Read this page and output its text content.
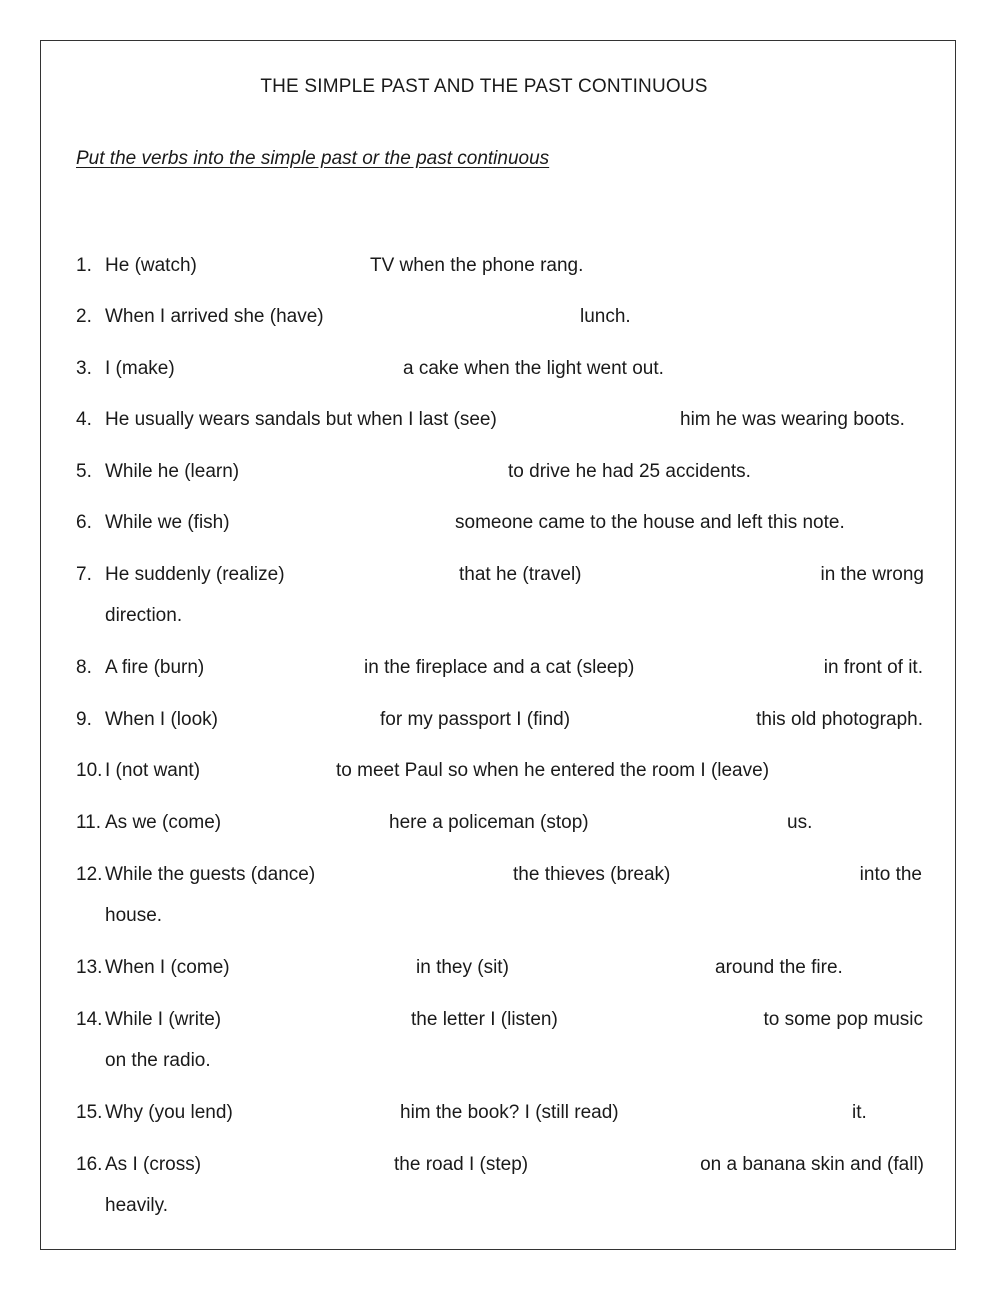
THE SIMPLE PAST AND THE PAST CONTINUOUS
Put the verbs into the simple past or the past continuous
1. He (watch)	TV when the phone rang.
2. When I arrived she (have)	lunch.
3. I (make)	a cake when the light went out.
4. He usually wears sandals but when I last (see)	him he was wearing boots.
5. While he (learn)	to drive he had 25 accidents.
6. While we (fish)	someone came to the house and left this note.
7. He suddenly (realize)	that he (travel)	in the wrong
direction.
8. A fire (burn)	in the fireplace and a cat (sleep)	in front of it.
9. When I (look)	for my passport I (find)	this old photograph.
10. I (not want)	to meet Paul so when he entered the room I (leave)
11. As we (come)	here a policeman (stop)	us.
12. While the guests (dance)	the thieves (break)	into the
house.
13. When I (come)	in they (sit)	around the fire.
14. While I (write)	the letter I (listen)	to some pop music
on the radio.
15. Why (you lend)	him the book? I (still read)	it.
16. As I (cross)	the road I (step)	on a banana skin and (fall)
heavily.
